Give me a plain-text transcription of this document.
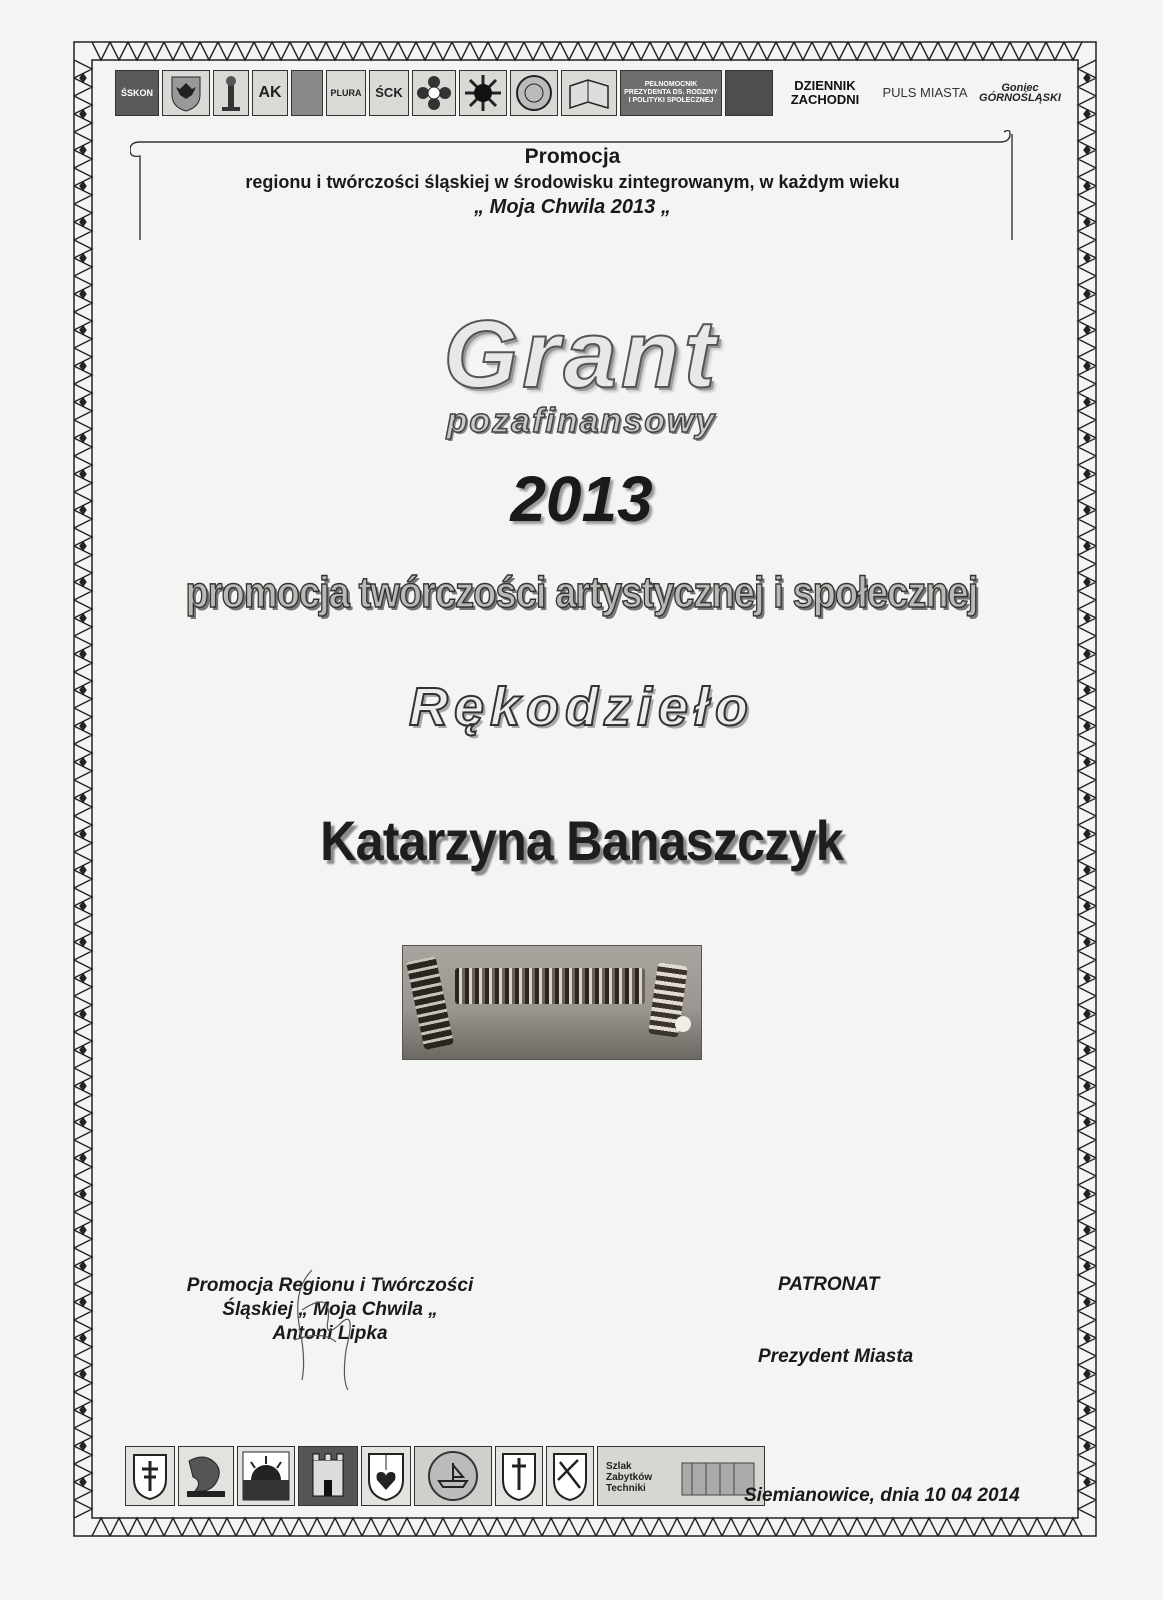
ŚSKON	AK	PLURA ŚCK
PEŁNOMOCNIK PREZYDENTA DS. RODZINY I POLITYKI SPOŁECZNEJ
DZIENNIK ZACHODNI	PULS MIASTA	Goniec GÓRNOŚLĄSKI
Promocja
regionu i twórczości śląskiej w środowisku zintegrowanym, w każdym wieku
„ Moja Chwila 2013 „
Grant
pozafinansowy
2013
promocja twórczości artystycznej i społecznej
Rękodzieło
Katarzyna Banaszczyk
Promocja Regionu i Twórczości
Śląskiej „ Moja Chwila „
Antoni Lipka
PATRONAT
Prezydent Miasta
Szlak Zabytków Techniki	Siemianowice, dnia 10 04 2014
